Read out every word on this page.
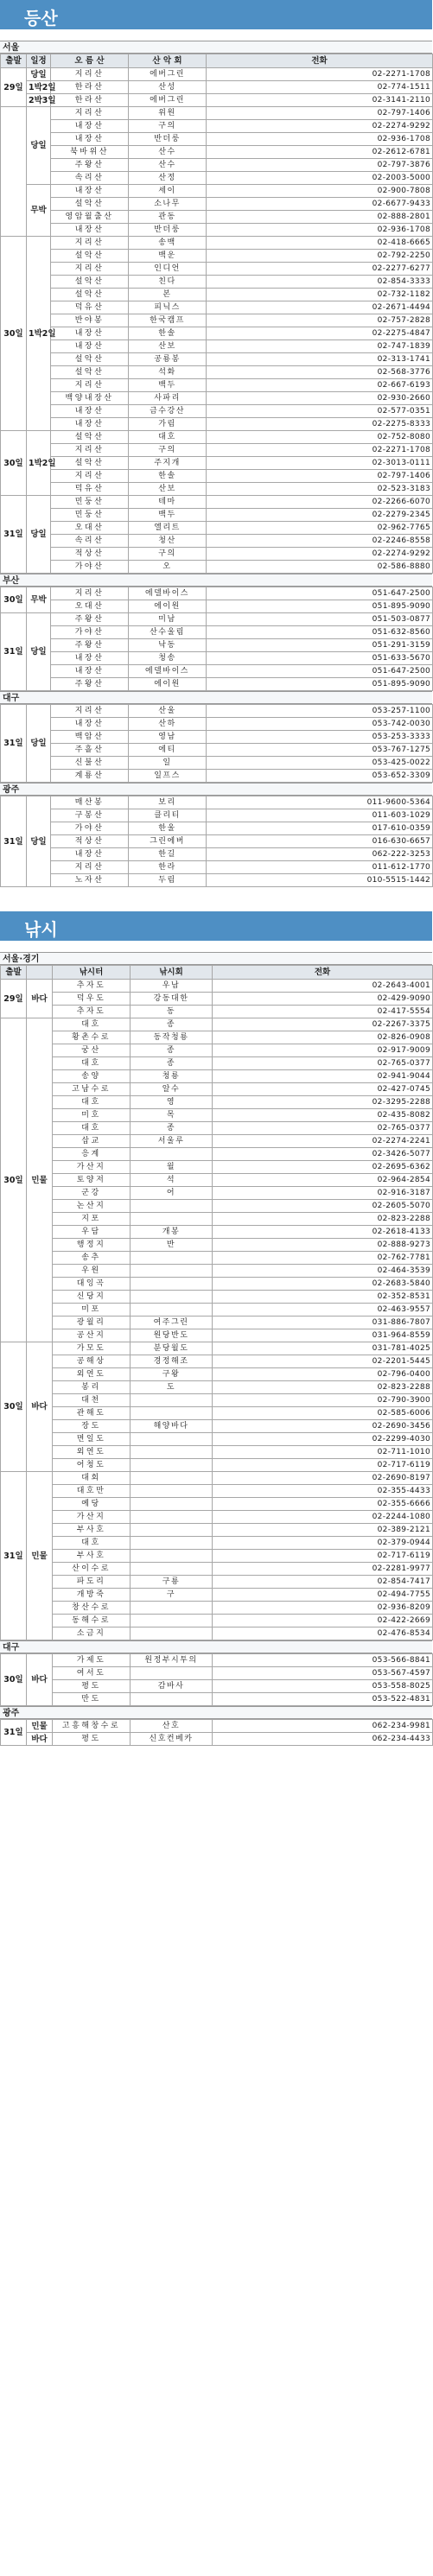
등산
서울
출발	일정	오 름 산	산 악 회	전화
29일	당일	지리산	에버그린	02-2271-1708
	1박2일	한라산	산성	02-774-1511
	2박3일	한라산	에버그린	02-3141-2110
	당일	지리산	위원	02-797-1406
		내장산	구의	02-2274-9292
		내장산	반더룽	02-936-1708
		북바위산	산수	02-2612-6781
		주왕산	산수	02-797-3876
		속리산	산정	02-2003-5000
	무박	내장산	세이	02-900-7808
		설악산	소나무	02-6677-9433
		영암월출산	관동	02-888-2801
		내장산	반더룽	02-936-1708
30일	1박2일	지리산	송백	02-418-6665
		설악산	백운	02-792-2250
		지리산	인디언	02-2277-6277
		설악산	친다	02-854-3333
		설악산	본	02-732-1182
		덕유산	피닉스	02-2671-4494
		반야봉	한국캠프	02-757-2828
		내장산	한솔	02-2275-4847
		내장산	산보	02-747-1839
		설악산	공룡봉	02-313-1741
		설악산	석화	02-568-3776
		지리산	백두	02-667-6193
		백양내장산	사파리	02-930-2660
		내장산	금수강산	02-577-0351
		내장산	가림	02-2275-8333
30일	1박2일	설악산	대호	02-752-8080
		지리산	구의	02-2271-1708
		설악산	주지개	02-3013-0111
		지리산	한솔	02-797-1406
		덕유산	산보	02-523-3183
31일	당일	민둥산	테마	02-2266-6070
		민둥산	백두	02-2279-2345
		오대산	엘리트	02-962-7765
		속리산	청산	02-2246-8558
		적상산	구의	02-2274-9292
		가야산	오	02-586-8880
부산
30일	무박	지리산	에델바이스	051-647-2500
		오대산	에이원	051-895-9090
31일	당일	주왕산	미남	051-503-0877
		가야산	산수울림	051-632-8560
		주왕산	낙동	051-291-3159
		내장산	청송	051-633-5670
		내장산	에델바이스	051-647-2500
		주왕산	에이원	051-895-9090
대구
31일	당일	지리산	산울	053-257-1100
		내장산	산하	053-742-0030
		백암산	영남	053-253-3333
		주흘산	에티	053-767-1275
		신불산	일	053-425-0022
		계룡산	일프스	053-652-3309
광주
31일	당일	매산봉	보리	011-9600-5364
		구봉산	클리티	011-603-1029
		가야산	한울	017-610-0359
		적상산	그린에버	016-630-6657
		내장산	한길	062-222-3253
		지리산	한라	011-612-1770
		노자산	두림	010-5515-1442
낚시
서울·경기
출발		낚시터	낚시회	전화
29일	바다	추자도	우남	02-2643-4001
		덕우도	강동대한	02-429-9090
		추자도	동	02-417-5554
30일	민물	대호	종	02-2267-3375
		황촌수로	동작청룡	02-826-0908
		궁산	종	02-917-9009
		대호	종	02-765-0377
		송양	청룡	02-941-9044
		고남수로	알수	02-427-0745
		대호	영	02-3295-2288
		미호	목	02-435-8082
		대호	종	02-765-0377
		삽교	서울루	02-2274-2241
		응계		02-3426-5077
		가산지	월	02-2695-6362
		토양저	석	02-964-2854
		군강	어	02-916-3187
		논산지		02-2605-5070
		지포		02-823-2288
		우담	개봉	02-2618-4133
		행정지	반	02-888-9273
		송추		02-762-7781
		우원		02-464-3539
		대잉곡		02-2683-5840
		신당지		02-352-8531
		미포		02-463-9557
		광월리	여주그린	031-886-7807
		공산지	원당반도	031-964-8559
30일	바다	가모도	분당월도	031-781-4025
		공해상	경정해조	02-2201-5445
		외연도	구왕	02-796-0400
		봉리	도	02-823-2288
		대천		02-790-3900
		관해도		02-585-6006
		장도	해양바다	02-2690-3456
		면일도		02-2299-4030
		외연도		02-711-1010
		어청도		02-717-6119
31일	민물	대회		02-2690-8197
		대호만		02-355-4433
		예당		02-355-6666
		가산지		02-2244-1080
		부사호		02-389-2121
		대호		02-379-0944
		부사호		02-717-6119
		산이수로		02-2281-9977
		파도리	구룡	02-854-7417
		개방죽	구	02-494-7755
		창산수로		02-936-8209
		동해수로		02-422-2669
		소금지		02-476-8534
대구
30일	바다	가제도	원정부시투의	053-566-8841
		여서도		053-567-4597
		평도	감바사	053-558-8025
		만도		053-522-4831
광주
31일	민물	고흥해창수로	산호	062-234-9981
	바다	평도	신호컨베카	062-234-4433
